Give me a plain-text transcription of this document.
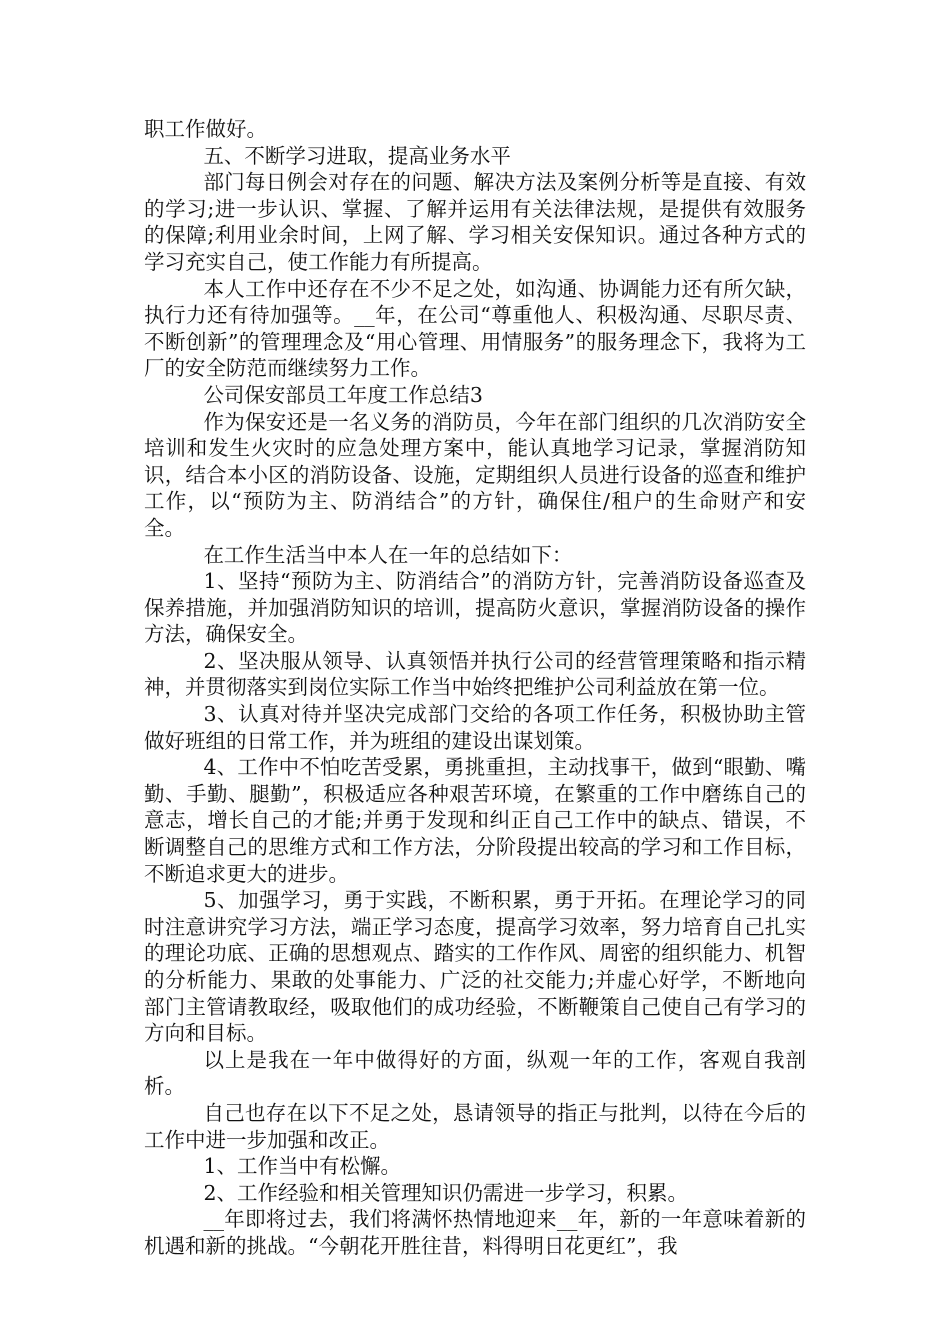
职工作做好。

五、不断学习进取，提高业务水平

部门每日例会对存在的问题、解决方法及案例分析等是直接、有效的学习;进一步认识、掌握、了解并运用有关法律法规，是提供有效服务的保障;利用业余时间，上网了解、学习相关安保知识。通过各种方式的学习充实自己，使工作能力有所提高。

本人工作中还存在不少不足之处，如沟通、协调能力还有所欠缺，执行力还有待加强等。__年，在公司“尊重他人、积极沟通、尽职尽责、不断创新”的管理理念及“用心管理、用情服务”的服务理念下，我将为工厂的安全防范而继续努力工作。

公司保安部员工年度工作总结3

作为保安还是一名义务的消防员，今年在部门组织的几次消防安全培训和发生火灾时的应急处理方案中，能认真地学习记录，掌握消防知识，结合本小区的消防设备、设施，定期组织人员进行设备的巡查和维护工作，以“预防为主、防消结合”的方针，确保住/租户的生命财产和安全。

在工作生活当中本人在一年的总结如下：

1、坚持“预防为主、防消结合”的消防方针，完善消防设备巡查及保养措施，并加强消防知识的培训，提高防火意识，掌握消防设备的操作方法，确保安全。

2、坚决服从领导、认真领悟并执行公司的经营管理策略和指示精神，并贯彻落实到岗位实际工作当中始终把维护公司利益放在第一位。

3、认真对待并坚决完成部门交给的各项工作任务，积极协助主管做好班组的日常工作，并为班组的建设出谋划策。

4、工作中不怕吃苦受累，勇挑重担，主动找事干，做到“眼勤、嘴勤、手勤、腿勤”，积极适应各种艰苦环境，在繁重的工作中磨练自己的意志，增长自己的才能;并勇于发现和纠正自己工作中的缺点、错误，不断调整自己的思维方式和工作方法，分阶段提出较高的学习和工作目标，不断追求更大的进步。

5、加强学习，勇于实践，不断积累，勇于开拓。在理论学习的同时注意讲究学习方法，端正学习态度，提高学习效率，努力培育自己扎实的理论功底、正确的思想观点、踏实的工作作风、周密的组织能力、机智的分析能力、果敢的处事能力、广泛的社交能力;并虚心好学，不断地向部门主管请教取经，吸取他们的成功经验，不断鞭策自己使自己有学习的方向和目标。

以上是我在一年中做得好的方面，纵观一年的工作，客观自我剖析。

自己也存在以下不足之处，恳请领导的指正与批判，以待在今后的工作中进一步加强和改正。

1、工作当中有松懈。

2、工作经验和相关管理知识仍需进一步学习，积累。

__年即将过去，我们将满怀热情地迎来__年，新的一年意味着新的机遇和新的挑战。“今朝花开胜往昔，料得明日花更红”，我
